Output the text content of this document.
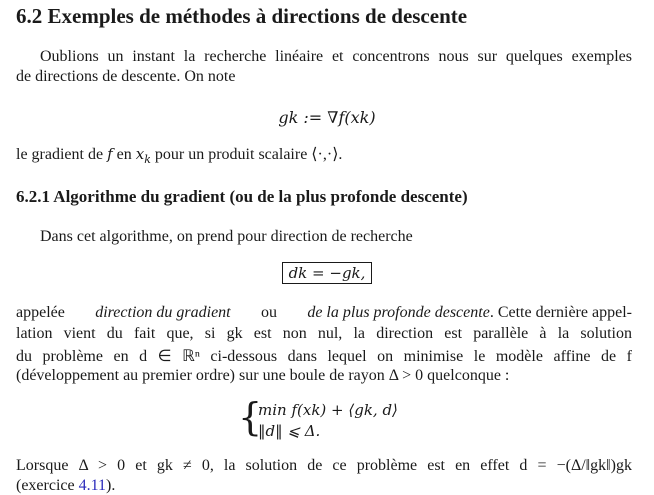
6.2 Exemples de méthodes à directions de descente
Oublions un instant la recherche linéaire et concentrons nous sur quelques exemples
de directions de descente. On note
gk := ∇f(xk)
le gradient de f en $x_k$ pour un produit scalaire ⟨·,·⟩.
6.2.1 Algorithme du gradient (ou de la plus profonde descente)
Dans cet algorithme, on prend pour direction de recherche
dk = −gk,
appelée direction du gradient ou de la plus profonde descente. Cette dernière appel-
lation vient du fait que, si gk est non nul, la direction est parallèle à la solution
du problème en d ∈ ℝⁿ ci-dessous dans lequel on minimise le modèle affine de f
(développement au premier ordre) sur une boule de rayon Δ > 0 quelconque :
{
min f(xk) + ⟨gk, d⟩
‖d‖ ⩽ Δ.
Lorsque Δ > 0 et gk ≠ 0, la solution de ce problème est en effet d = −(Δ/‖gk‖)gk
(exercice 4.11).
